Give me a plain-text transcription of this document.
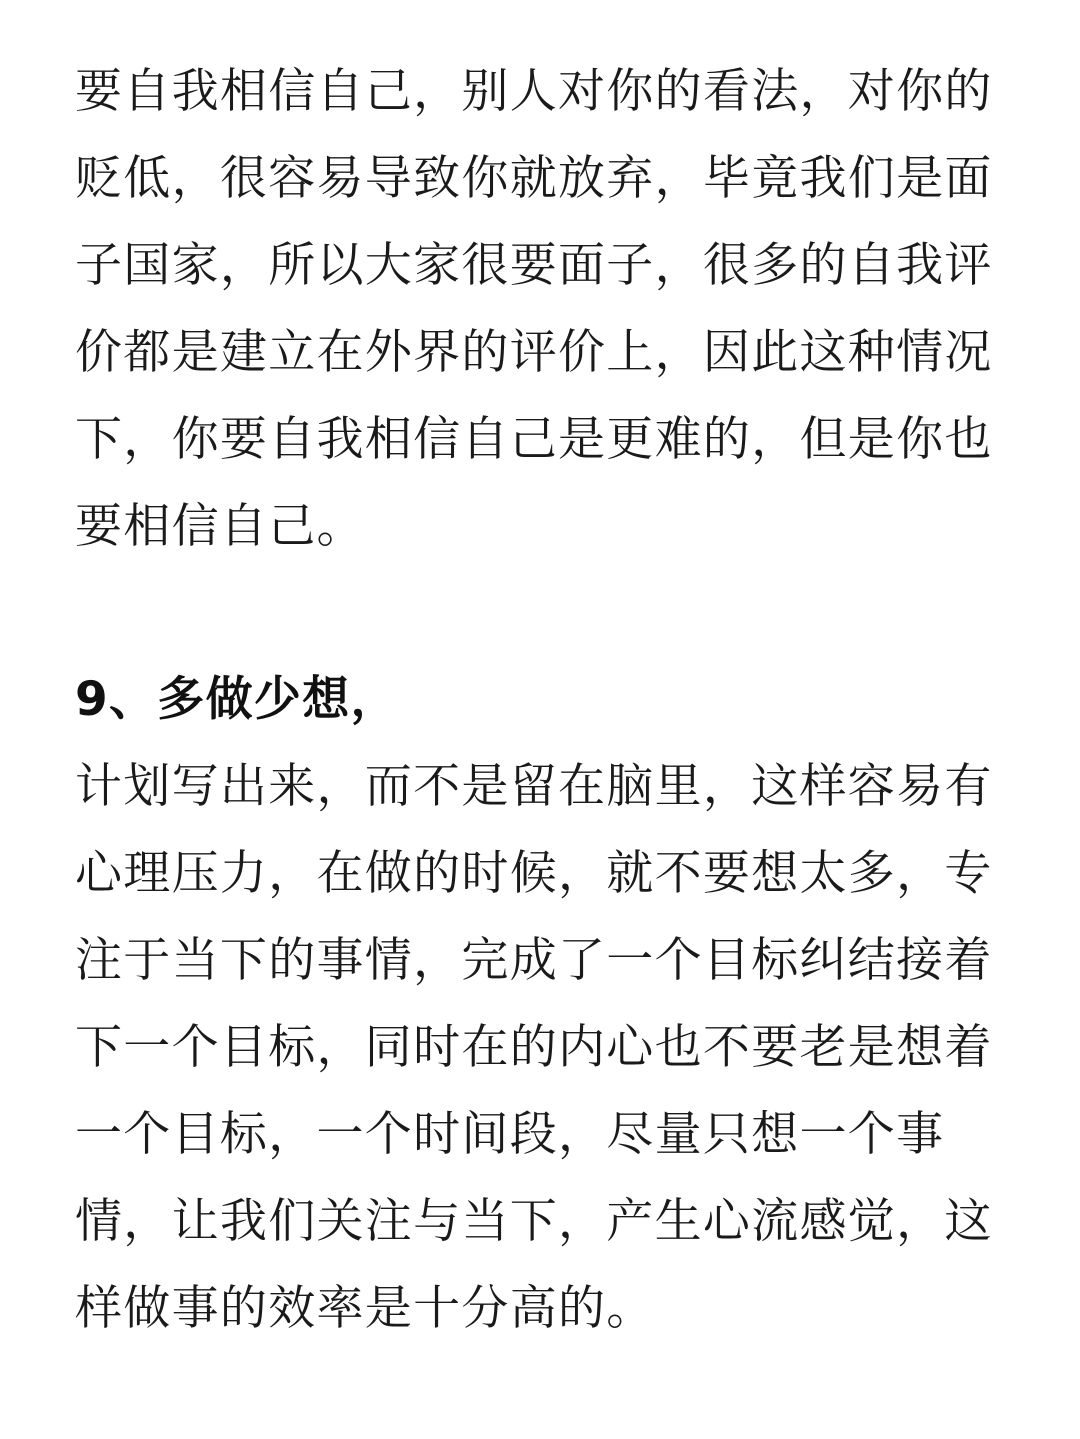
要自我相信自己，别人对你的看法，对你的
贬低，很容易导致你就放弃，毕竟我们是面
子国家，所以大家很要面子，很多的自我评
价都是建立在外界的评价上，因此这种情况
下，你要自我相信自己是更难的，但是你也
要相信自己。
9、多做少想，
计划写出来，而不是留在脑里，这样容易有
心理压力，在做的时候，就不要想太多，专
注于当下的事情，完成了一个目标纠结接着
下一个目标，同时在的内心也不要老是想着
一个目标，一个时间段，尽量只想一个事
情，让我们关注与当下，产生心流感觉，这
样做事的效率是十分高的。
